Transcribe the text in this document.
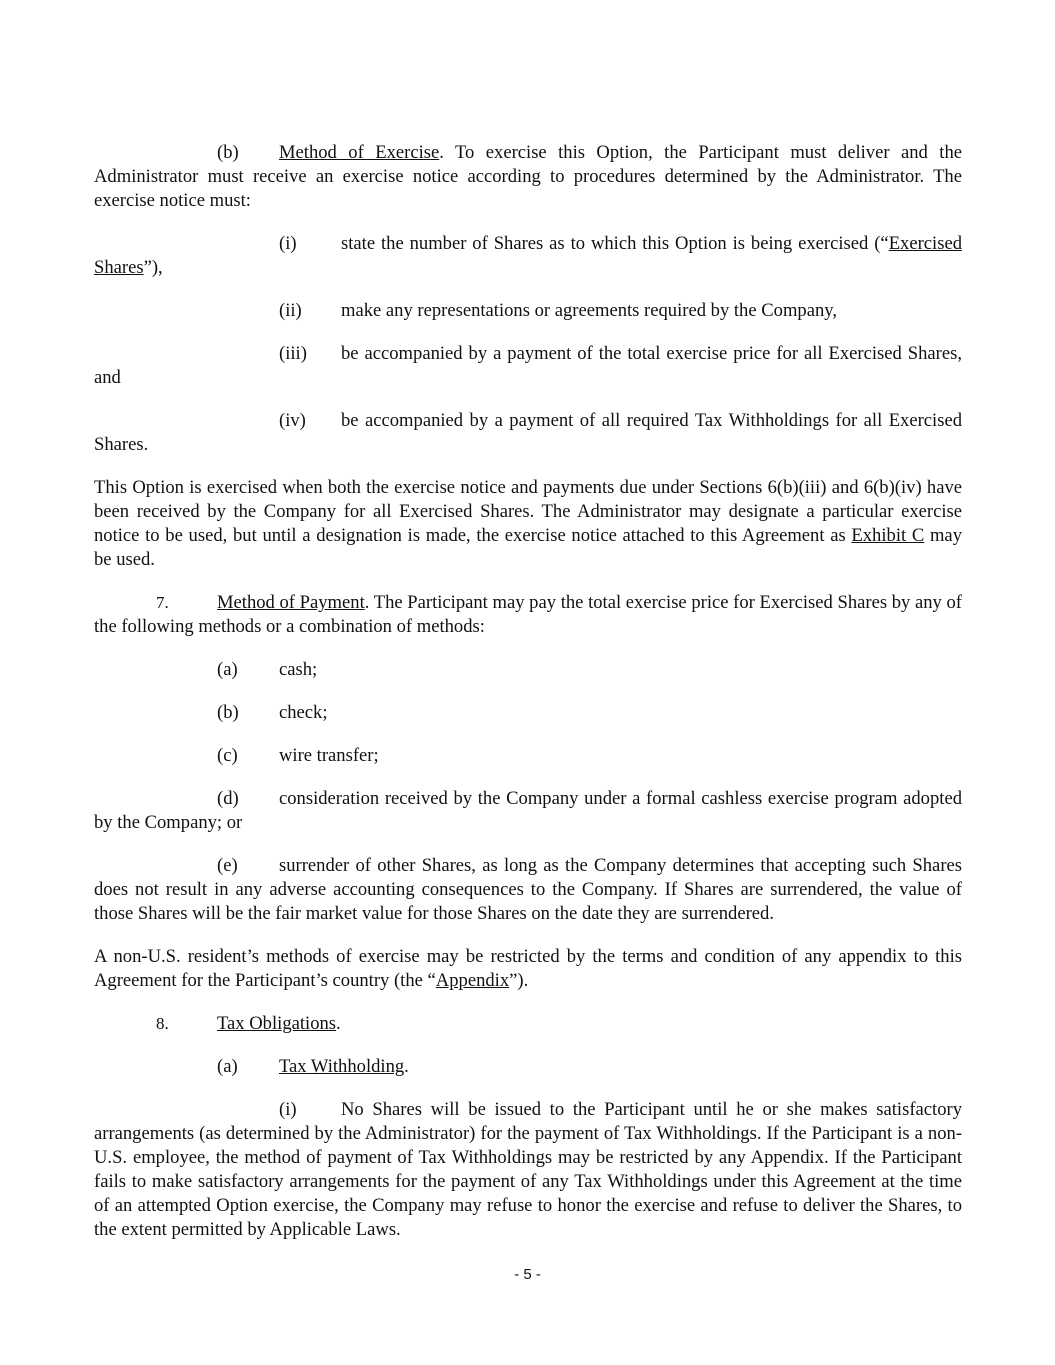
(b) Method of Exercise. To exercise this Option, the Participant must deliver and the Administrator must receive an exercise notice according to procedures determined by the Administrator. The exercise notice must:

(i) state the number of Shares as to which this Option is being exercised (“Exercised Shares”),

(ii) make any representations or agreements required by the Company,

(iii) be accompanied by a payment of the total exercise price for all Exercised Shares, and

(iv) be accompanied by a payment of all required Tax Withholdings for all Exercised Shares.

This Option is exercised when both the exercise notice and payments due under Sections 6(b)(iii) and 6(b)(iv) have been received by the Company for all Exercised Shares. The Administrator may designate a particular exercise notice to be used, but until a designation is made, the exercise notice attached to this Agreement as Exhibit C may be used.

7.	Method of Payment. The Participant may pay the total exercise price for Exercised Shares by any of the following methods or a combination of methods:

(a) cash;

(b) check;

(c) wire transfer;

(d) consideration received by the Company under a formal cashless exercise program adopted by the Company; or

(e) surrender of other Shares, as long as the Company determines that accepting such Shares does not result in any adverse accounting consequences to the Company. If Shares are surrendered, the value of those Shares will be the fair market value for those Shares on the date they are surrendered.

A non-U.S. resident’s methods of exercise may be restricted by the terms and condition of any appendix to this Agreement for the Participant’s country (the “Appendix”).

8.	Tax Obligations.

(a) Tax Withholding.

(i) No Shares will be issued to the Participant until he or she makes satisfactory arrangements (as determined by the Administrator) for the payment of Tax Withholdings. If the Participant is a non-U.S. employee, the method of payment of Tax Withholdings may be restricted by any Appendix. If the Participant fails to make satisfactory arrangements for the payment of any Tax Withholdings under this Agreement at the time of an attempted Option exercise, the Company may refuse to honor the exercise and refuse to deliver the Shares, to the extent permitted by Applicable Laws.

- 5 -
